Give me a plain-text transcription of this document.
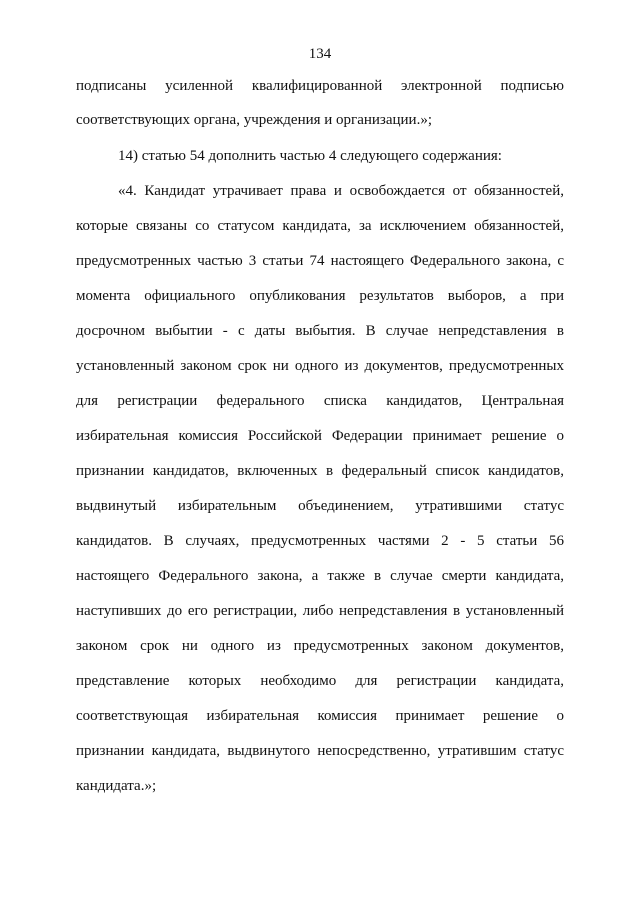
134
подписаны усиленной квалифицированной электронной подписью
соответствующих органа, учреждения и организации.»;
14) статью 54 дополнить частью 4 следующего содержания:
«4. Кандидат утрачивает права и освобождается от обязанностей,
которые связаны со статусом кандидата, за исключением обязанностей,
предусмотренных частью 3 статьи 74 настоящего Федерального закона, с
момента официального опубликования результатов выборов, а при
досрочном выбытии - с даты выбытия. В случае непредставления в
установленный законом срок ни одного из документов, предусмотренных
для регистрации федерального списка кандидатов, Центральная
избирательная комиссия Российской Федерации принимает решение о
признании кандидатов, включенных в федеральный список кандидатов,
выдвинутый избирательным объединением, утратившими статус
кандидатов. В случаях, предусмотренных частями 2 - 5 статьи 56
настоящего Федерального закона, а также в случае смерти кандидата,
наступивших до его регистрации, либо непредставления в установленный
законом срок ни одного из предусмотренных законом документов,
представление которых необходимо для регистрации кандидата,
соответствующая избирательная комиссия принимает решение о
признании кандидата, выдвинутого непосредственно, утратившим статус
кандидата.»;
